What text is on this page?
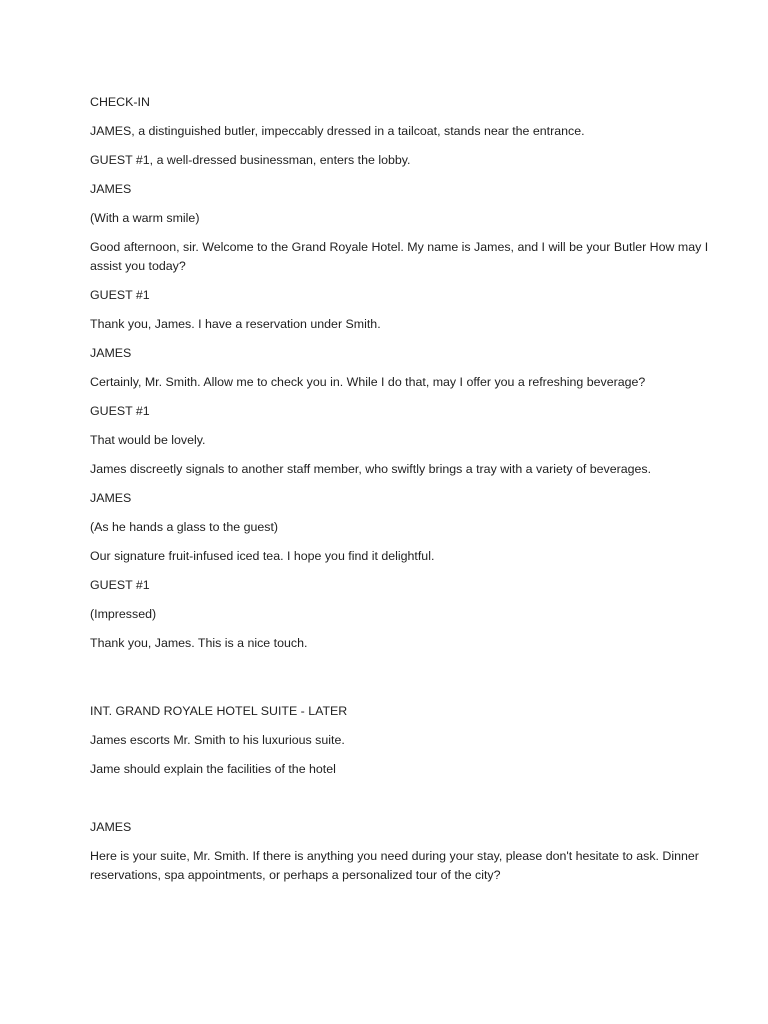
CHECK-IN

JAMES, a distinguished butler, impeccably dressed in a tailcoat, stands near the entrance.

GUEST #1, a well-dressed businessman, enters the lobby.

JAMES

(With a warm smile)

Good afternoon, sir. Welcome to the Grand Royale Hotel. My name is James, and I will be your Butler How may I assist you today?

GUEST #1

Thank you, James. I have a reservation under Smith.

JAMES

Certainly, Mr. Smith. Allow me to check you in. While I do that, may I offer you a refreshing beverage?

GUEST #1

That would be lovely.

James discreetly signals to another staff member, who swiftly brings a tray with a variety of beverages.

JAMES

(As he hands a glass to the guest)

Our signature fruit-infused iced tea. I hope you find it delightful.

GUEST #1

(Impressed)

Thank you, James. This is a nice touch.

INT. GRAND ROYALE HOTEL SUITE - LATER

James escorts Mr. Smith to his luxurious suite.

Jame should explain the facilities of the hotel

JAMES

Here is your suite, Mr. Smith. If there is anything you need during your stay, please don't hesitate to ask. Dinner reservations, spa appointments, or perhaps a personalized tour of the city?
